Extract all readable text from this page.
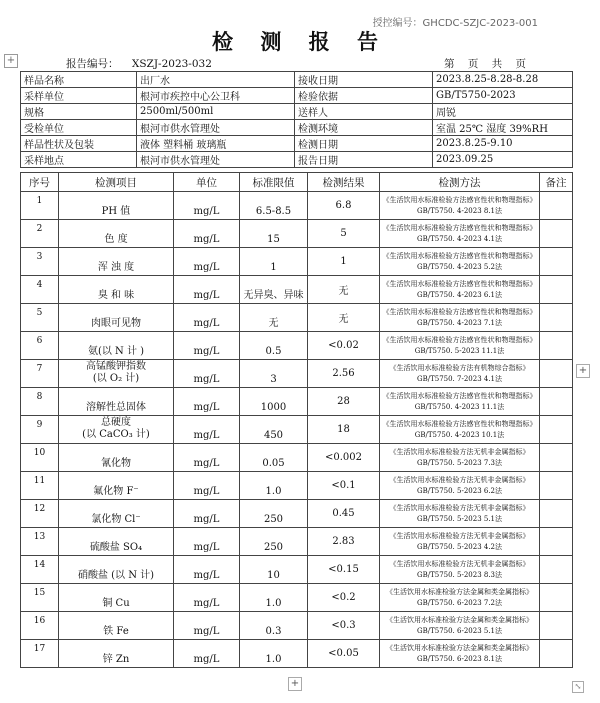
授控编号：GHCDC-SZJC-2023-001
检 测 报 告
+	报告编号： XSZJ-2023-032	第 页 共 页
样品名称	出厂水	接收日期	2023.8.25-8.28-8.28
采样单位	根河市疾控中心公卫科	检验依据	GB/T5750-2023
规格	2500ml/500ml	送样人	周锐
受检单位	根河市供水管理处	检测环境	室温 25℃ 湿度 39%RH
样品性状及包装	液体 塑料桶 玻璃瓶	检测日期	2023.8.25-9.10
采样地点	根河市供水管理处	报告日期	2023.09.25
序号	检测项目	单位	标准限值	检测结果	检测方法	备注
1	PH 值	mg/L	6.5-8.5	6.8	《生活饮用水标准检验方法感官性状和物理指标》GB/T5750. 4-2023 8.1法	
2	色 度	mg/L	15	5	《生活饮用水标准检验方法感官性状和物理指标》GB/T5750. 4-2023 4.1法	
3	浑 浊 度	mg/L	1	1	《生活饮用水标准检验方法感官性状和物理指标》GB/T5750. 4-2023 5.2法	
4	臭 和 味	mg/L	无异臭、异味	无	《生活饮用水标准检验方法感官性状和物理指标》GB/T5750. 4-2023 6.1法	
5	肉眼可见物	mg/L	无	无	《生活饮用水标准检验方法感官性状和物理指标》GB/T5750. 4-2023 7.1法	
6	氨(以 N 计 )	mg/L	0.5	<0.02	《生活饮用水标准检验方法感官性状和物理指标》GB/T5750. 5-2023 11.1法	
7	高锰酸钾指数
(以 O₂ 计)	mg/L	3	2.56	《生活饮用水标准检验方法有机物综合指标》GB/T5750. 7-2023 4.1法	
8	溶解性总固体	mg/L	1000	28	《生活饮用水标准检验方法感官性状和物理指标》GB/T5750. 4-2023 11.1法	
9	总硬度
(以 CaCO₃ 计)	mg/L	450	18	《生活饮用水标准检验方法感官性状和物理指标》GB/T5750. 4-2023 10.1法	
10	氰化物	mg/L	0.05	<0.002	《生活饮用水标准检验方法无机非金属指标》GB/T5750. 5-2023 7.3法	
11	氟化物 F⁻	mg/L	1.0	<0.1	《生活饮用水标准检验方法无机非金属指标》GB/T5750. 5-2023 6.2法	
12	氯化物 Cl⁻	mg/L	250	0.45	《生活饮用水标准检验方法无机非金属指标》GB/T5750. 5-2023 5.1法	
13	硫酸盐 SO₄	mg/L	250	2.83	《生活饮用水标准检验方法无机非金属指标》GB/T5750. 5-2023 4.2法	
14	硝酸盐 (以 N 计)	mg/L	10	<0.15	《生活饮用水标准检验方法无机非金属指标》GB/T5750. 5-2023 8.3法	
15	铜 Cu	mg/L	1.0	<0.2	《生活饮用水标准检验方法金属和类金属指标》GB/T5750. 6-2023 7.2法	
16	铁 Fe	mg/L	0.3	<0.3	《生活饮用水标准检验方法金属和类金属指标》GB/T5750. 6-2023 5.1法	
17	锌 Zn	mg/L	1.0	<0.05	《生活饮用水标准检验方法金属和类金属指标》GB/T5750. 6-2023 8.1法	
+
+	⤡
